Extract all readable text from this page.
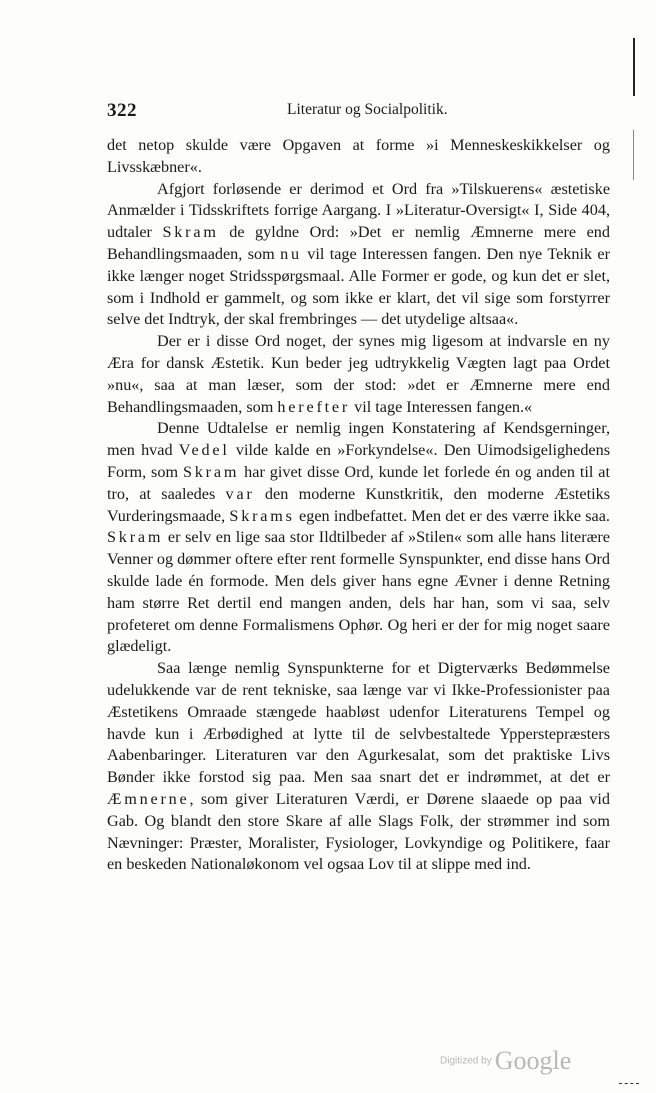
322	Literatur og Socialpolitik.

det netop skulde være Opgaven at forme »i Menneskeskikkelser og Livsskæbner«.

Afgjort forløsende er derimod et Ord fra »Tilskuerens« æstetiske Anmælder i Tidsskriftets forrige Aargang. I »Literatur-Oversigt« I, Side 404, udtaler Skram de gyldne Ord: »Det er nemlig Æmnerne mere end Behandlingsmaaden, som nu vil tage Interessen fangen. Den nye Teknik er ikke længer noget Stridsspørgsmaal. Alle Former er gode, og kun det er slet, som i Indhold er gammelt, og som ikke er klart, det vil sige som forstyrrer selve det Indtryk, der skal frembringes — det utydelige altsaa«.

Der er i disse Ord noget, der synes mig ligesom at indvarsle en ny Æra for dansk Æstetik. Kun beder jeg udtrykkelig Vægten lagt paa Ordet »nu«, saa at man læser, som der stod: »det er Æmnerne mere end Behandlingsmaaden, som herefter vil tage Interessen fangen.«

Denne Udtalelse er nemlig ingen Konstatering af Kendsgerninger, men hvad Vedel vilde kalde en »Forkyndelse«. Den Uimodsigelighedens Form, som Skram har givet disse Ord, kunde let forlede én og anden til at tro, at saaledes var den moderne Kunstkritik, den moderne Æstetiks Vurderingsmaade, Skrams egen indbefattet. Men det er des værre ikke saa. Skram er selv en lige saa stor Ildtilbeder af »Stilen« som alle hans literære Venner og dømmer oftere efter rent formelle Synspunkter, end disse hans Ord skulde lade én formode. Men dels giver hans egne Ævner i denne Retning ham større Ret dertil end mangen anden, dels har han, som vi saa, selv profeteret om denne Formalismens Ophør. Og heri er der for mig noget saare glædeligt.

Saa længe nemlig Synspunkterne for et Digterværks Bedømmelse udelukkende var de rent tekniske, saa længe var vi Ikke-Professionister paa Æstetikens Omraade stængede haabløst udenfor Literaturens Tempel og havde kun i Ærbødighed at lytte til de selvbestaltede Ypperstepræsters Aabenbaringer. Literaturen var den Agurkesalat, som det praktiske Livs Bønder ikke forstod sig paa. Men saa snart det er indrømmet, at det er Æmnerne, som giver Literaturen Værdi, er Dørene slaaede op paa vid Gab. Og blandt den store Skare af alle Slags Folk, der strømmer ind som Nævninger: Præster, Moralister, Fysiologer, Lovkyndige og Politikere, faar en beskeden Nationaløkonom vel ogsaa Lov til at slippe med ind.

Digitized by Google
